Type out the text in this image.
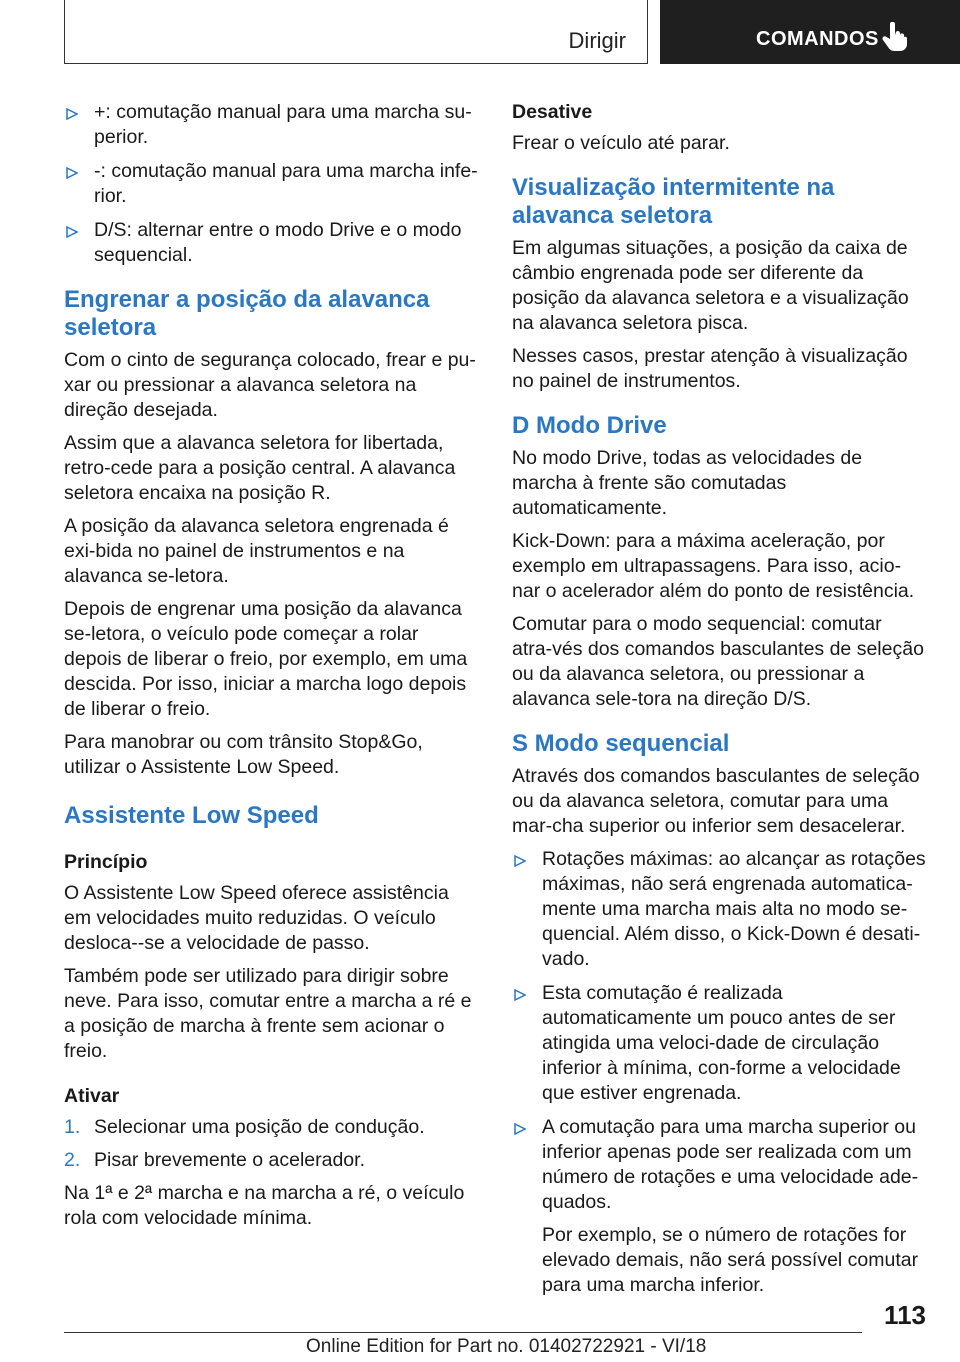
Dirigir	COMANDOS
+: comutação manual para uma marcha su‐perior.
-: comutação manual para uma marcha infe‐rior.
D/S: alternar entre o modo Drive e o modo sequencial.
Engrenar a posição da alavanca seletora

Com o cinto de segurança colocado, frear e pu‐xar ou pressionar a alavanca seletora na direção desejada.

Assim que a alavanca seletora for libertada, retro‐cede para a posição central. A alavanca seletora encaixa na posição R.

A posição da alavanca seletora engrenada é exi‐bida no painel de instrumentos e na alavanca se‐letora.

Depois de engrenar uma posição da alavanca se‐letora, o veículo pode começar a rolar depois de liberar o freio, por exemplo, em uma descida. Por isso, iniciar a marcha logo depois de liberar o freio.

Para manobrar ou com trânsito Stop&Go, utilizar o Assistente Low Speed.

Assistente Low Speed
Princípio

O Assistente Low Speed oferece assistência em velocidades muito reduzidas. O veículo desloca‐-se a velocidade de passo.

Também pode ser utilizado para dirigir sobre neve. Para isso, comutar entre a marcha a ré e a posição de marcha à frente sem acionar o freio.

Ativar
1. Selecionar uma posição de condução.
2. Pisar brevemente o acelerador.

Na 1ª e 2ª marcha e na marcha a ré, o veículo rola com velocidade mínima.

Desative

Frear o veículo até parar.

Visualização intermitente na alavanca seletora

Em algumas situações, a posição da caixa de câmbio engrenada pode ser diferente da posição da alavanca seletora e a visualização na alavanca seletora pisca.

Nesses casos, prestar atenção à visualização no painel de instrumentos.

D Modo Drive

No modo Drive, todas as velocidades de marcha à frente são comutadas automaticamente.

Kick-Down: para a máxima aceleração, por exemplo em ultrapassagens. Para isso, acio‐nar o acelerador além do ponto de resistência.

Comutar para o modo sequencial: comutar atra‐vés dos comandos basculantes de seleção ou da alavanca seletora, ou pressionar a alavanca sele‐tora na direção D/S.

S Modo sequencial

Através dos comandos basculantes de seleção ou da alavanca seletora, comutar para uma mar‐cha superior ou inferior sem desacelerar.

Rotações máximas: ao alcançar as rotações máximas, não será engrenada automatica‐mente uma marcha mais alta no modo se‐quencial. Além disso, o Kick-Down é desati‐vado.
Esta comutação é realizada automaticamente um pouco antes de ser atingida uma veloci‐dade de circulação inferior à mínima, con‐forme a velocidade que estiver engrenada.
A comutação para uma marcha superior ou inferior apenas pode ser realizada com um número de rotações e uma velocidade ade‐quados.
Por exemplo, se o número de rotações for elevado demais, não será possível comutar para uma marcha inferior.
113
Online Edition for Part no. 01402722921 - VI/18
